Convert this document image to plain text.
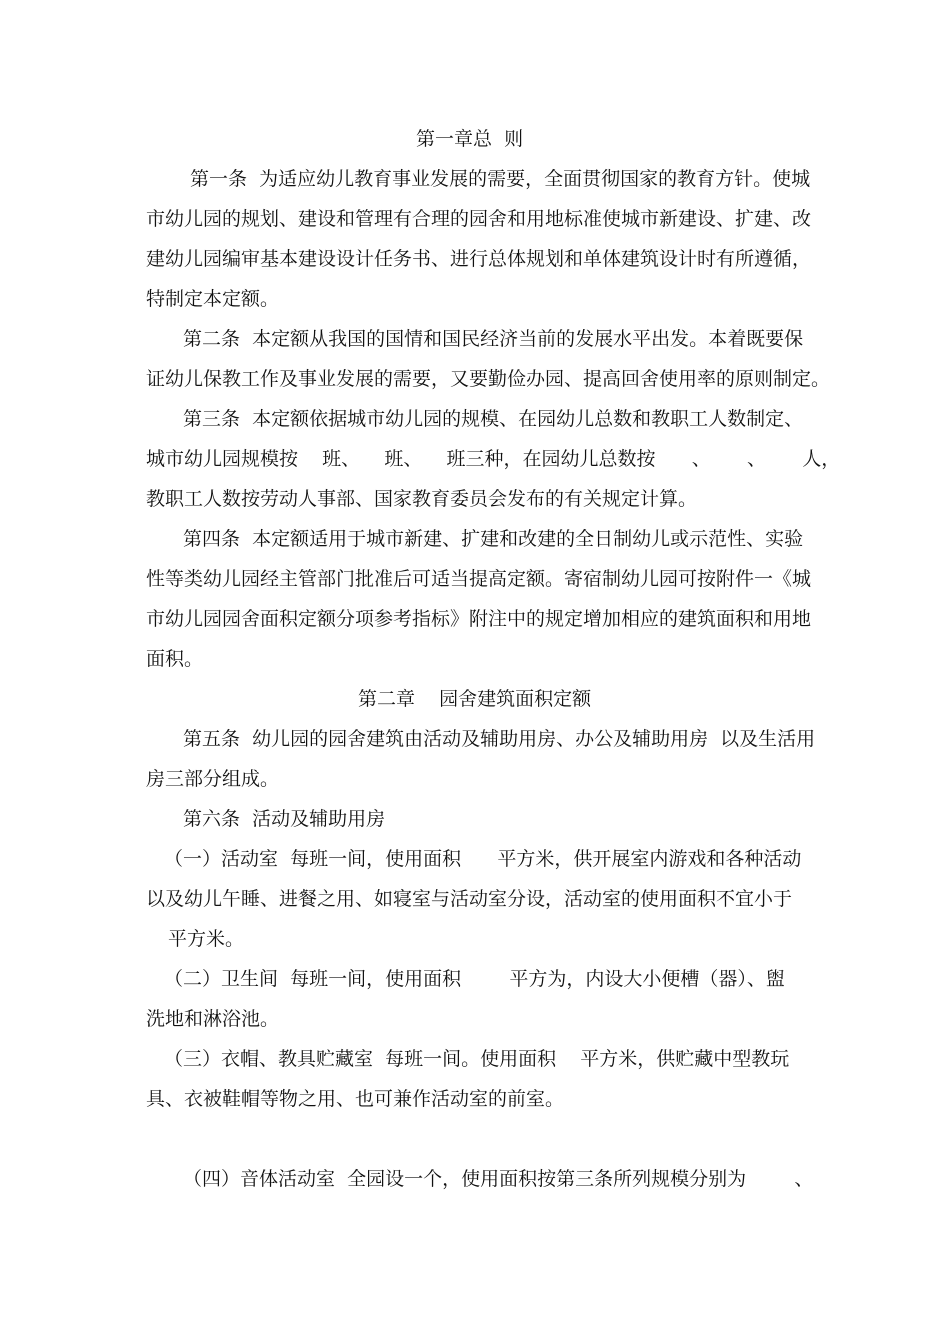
第一章总  则

第一条  为适应幼儿教育事业发展的需要，全面贯彻国家的教育方针。使城

市幼儿园的规划、建设和管理有合理的园舍和用地标准使城市新建设、扩建、改

建幼儿园编审基本建设设计任务书、进行总体规划和单体建筑设计时有所遵循，

特制定本定额。

第二条  本定额从我国的国情和国民经济当前的发展水平出发。本着既要保

证幼儿保教工作及事业发展的需要，又要勤俭办园、提高回舍使用率的原则制定。

第三条  本定额依据城市幼儿园的规模、在园幼儿总数和教职工人数制定、

城市幼儿园规模按    班、    班、    班三种，在园幼儿总数按      、      、      人，

教职工人数按劳动人事部、国家教育委员会发布的有关规定计算。

第四条  本定额适用于城市新建、扩建和改建的全日制幼儿或示范性、实验

性等类幼儿园经主管部门批准后可适当提高定额。寄宿制幼儿园可按附件一《城

市幼儿园园舍面积定额分项参考指标》附注中的规定增加相应的建筑面积和用地

面积。

第二章    园舍建筑面积定额

第五条  幼儿园的园舍建筑由活动及辅助用房、办公及辅助用房  以及生活用

房三部分组成。

第六条  活动及辅助用房

（一）活动室  每班一间，使用面积      平方米，供开展室内游戏和各种活动

以及幼儿午睡、进餐之用、如寝室与活动室分设，活动室的使用面积不宜小于

平方米。

（二）卫生间  每班一间，使用面积        平方为，内设大小便槽（器）、盥

洗地和淋浴池。

（三）衣帽、教具贮藏室  每班一间。使用面积    平方米，供贮藏中型教玩

具、衣被鞋帽等物之用、也可兼作活动室的前室。

（四）音体活动室  全园设一个，使用面积按第三条所列规模分别为        、
